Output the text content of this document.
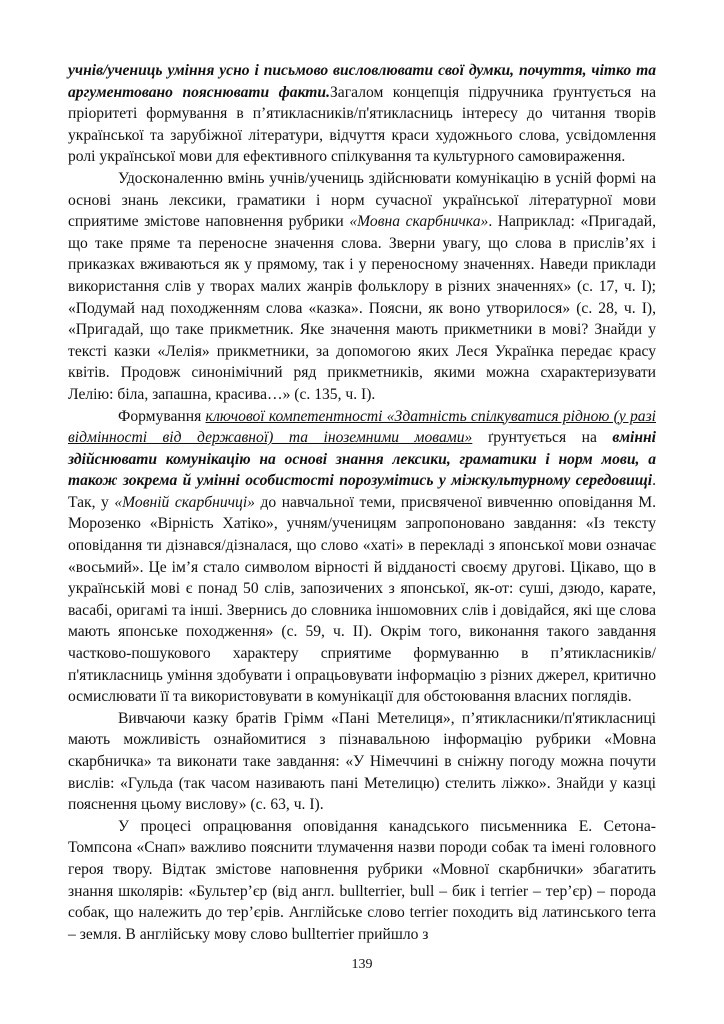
учнів/учениць уміння усно і письмово висловлювати свої думки, почуття, чітко та аргументовано пояснювати факти.Загалом концепція підручника ґрунтується на пріоритеті формування в п’ятикласників/п'ятикласниць інтересу до читання творів української та зарубіжної літератури, відчуття краси художнього слова, усвідомлення ролі української мови для ефективного спілкування та культурного самовираження.

Удосконаленню вмінь учнів/учениць здійснювати комунікацію в усній формі на основі знань лексики, граматики і норм сучасної української літературної мови сприятиме змістове наповнення рубрики «Мовна скарбничка». Наприклад: «Пригадай, що таке пряме та переносне значення слова. Зверни увагу, що слова в прислів’ях і приказках вживаються як у прямому, так і у переносному значеннях. Наведи приклади використання слів у творах малих жанрів фольклору в різних значеннях» (с. 17, ч. І); «Подумай над походженням слова «казка». Поясни, як воно утворилося» (с. 28, ч. І), «Пригадай, що таке прикметник. Яке значення мають прикметники в мові? Знайди у тексті казки «Лелія» прикметники, за допомогою яких Леся Українка передає красу квітів. Продовж синонімічний ряд прикметників, якими можна схарактеризувати Лелію: біла, запашна, красива…» (с. 135, ч. І).

Формування ключової компетентності «Здатність спілкуватися рідною (у разі відмінності від державної) та іноземними мовами» ґрунтується на вмінні здійснювати комунікацію на основі знання лексики, граматики і норм мови, а також зокрема й умінні особистості порозумітись у міжкультурному середовищі. Так, у «Мовній скарбничці» до навчальної теми, присвяченої вивченню оповідання М. Морозенко «Вірність Хатіко», учням/ученицям запропоновано завдання: «Із тексту оповідання ти дізнався/дізналася, що слово «хаті» в перекладі з японської мови означає «восьмий». Це ім’я стало символом вірності й відданості своєму другові. Цікаво, що в українській мові є понад 50 слів, запозичених з японської, як-от: суші, дзюдо, карате, васабі, оригамі та інші. Звернись до словника іншомовних слів і довідайся, які ще слова мають японське походження» (с. 59, ч. ІІ). Окрім того, виконання такого завдання частково-пошукового характеру сприятиме формуванню в п’ятикласників/п'ятикласниць уміння здобувати і опрацьовувати інформацію з різних джерел, критично осмислювати її та використовувати в комунікації для обстоювання власних поглядів.

Вивчаючи казку братів Грімм «Пані Метелиця», п’ятикласники/п'ятикласниці мають можливість ознайомитися з пізнавальною інформацію рубрики «Мовна скарбничка» та виконати таке завдання: «У Німеччині в сніжну погоду можна почути вислів: «Гульда (так часом називають пані Метелицю) стелить ліжко». Знайди у казці пояснення цьому вислову» (с. 63, ч. І).

У процесі опрацювання оповідання канадського письменника Е. Сетона-Томпсона «Снап» важливо пояснити тлумачення назви породи собак та імені головного героя твору. Відтак змістове наповнення рубрики «Мовної скарбнички» збагатить знання школярів: «Бультер’єр (від англ. bullterrier, bull – бик і terrier – тер’єр) – порода собак, що належить до тер’єрів. Англійське слово terrier походить від латинського terra – земля. В англійську мову слово bullterrier прийшло з

139
